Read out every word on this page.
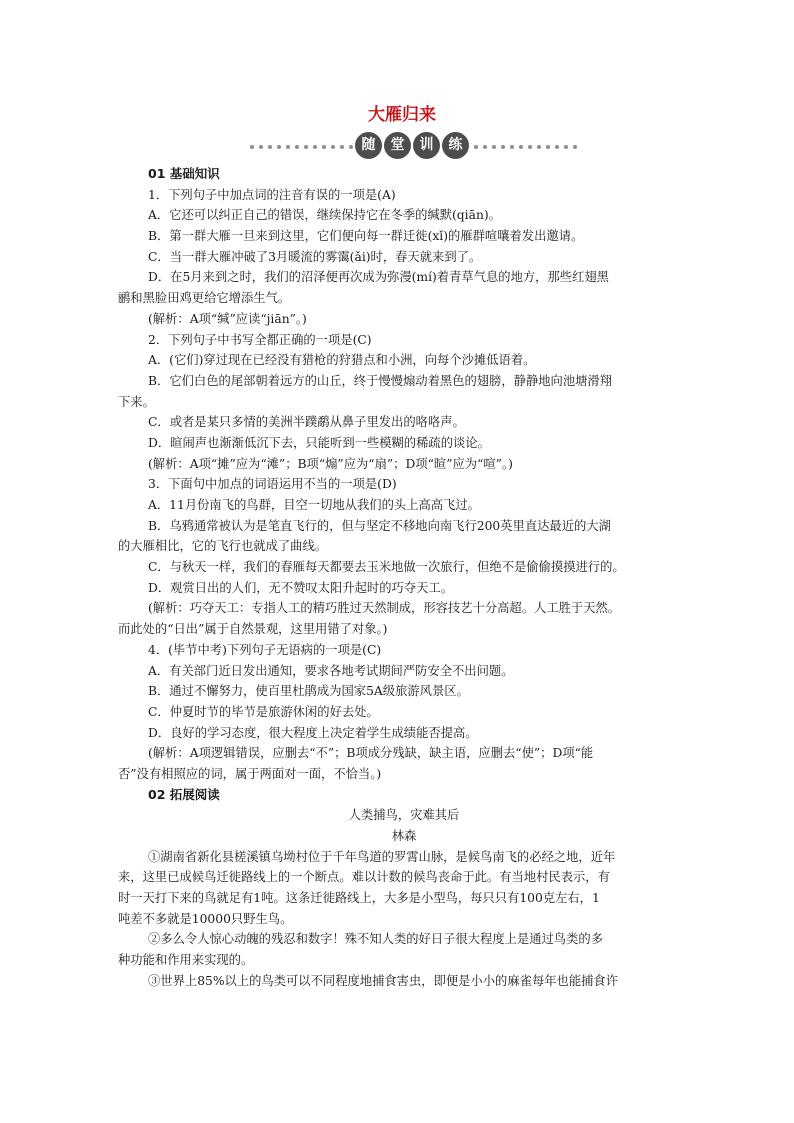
大雁归来
随	堂	训	练
01 基础知识
1．下列句子中加点词的注音有误的一项是(A)
A．它还可以纠正自己的错误，继续保持它在冬季的缄默(qiān)。
B．第一群大雁一旦来到这里，它们便向每一群迁徙(xǐ)的雁群喧嚷着发出邀请。
C．当一群大雁冲破了3月暖流的雾霭(ǎi)时，春天就来到了。
D．在5月来到之时，我们的沼泽便再次成为弥漫(mí)着青草气息的地方，那些红翅黑
鹂和黑脸田鸡更给它增添生气。
(解析：A项“缄”应读“jiān”。)
2．下列句子中书写全都正确的一项是(C)
A．(它们)穿过现在已经没有猎枪的狩猎点和小洲，向每个沙摊低语着。
B．它们白色的尾部朝着远方的山丘，终于慢慢煽动着黑色的翅膀，静静地向池塘滑翔
下来。
C．或者是某只多情的美洲半蹼鹬从鼻子里发出的咯咯声。
D．暄闹声也渐渐低沉下去，只能听到一些模糊的稀疏的谈论。
(解析：A项“摊”应为“滩”；B项“煽”应为“扇”；D项“暄”应为“喧”。)
3．下面句中加点的词语运用不当的一项是(D)
A．11月份南飞的鸟群，目空一切地从我们的头上高高飞过。
B．乌鸦通常被认为是笔直飞行的，但与坚定不移地向南飞行200英里直达最近的大湖
的大雁相比，它的飞行也就成了曲线。
C．与秋天一样，我们的春雁每天都要去玉米地做一次旅行，但绝不是偷偷摸摸进行的。
D．观赏日出的人们，无不赞叹太阳升起时的巧夺天工。
(解析：巧夺天工：专指人工的精巧胜过天然制成，形容技艺十分高超。人工胜于天然。
而此处的“日出”属于自然景观，这里用错了对象。)
4．(毕节中考)下列句子无语病的一项是(C)
A．有关部门近日发出通知，要求各地考试期间严防安全不出问题。
B．通过不懈努力，使百里杜鹃成为国家5A级旅游风景区。
C．仲夏时节的毕节是旅游休闲的好去处。
D．良好的学习态度，很大程度上决定着学生成绩能否提高。
(解析：A项逻辑错误，应删去“不”；B项成分残缺，缺主语，应删去“使”；D项“能
否”没有相照应的词，属于两面对一面，不恰当。)
02 拓展阅读
人类捕鸟，灾难其后
林森
①湖南省新化县槎溪镇乌坳村位于千年鸟道的罗霄山脉，是候鸟南飞的必经之地，近年
来，这里已成候鸟迁徙路线上的一个断点。难以计数的候鸟丧命于此。有当地村民表示，有
时一天打下来的鸟就足有1吨。这条迁徙路线上，大多是小型鸟，每只只有100克左右，1
吨差不多就是10000只野生鸟。
②多么令人惊心动魄的残忍和数字！殊不知人类的好日子很大程度上是通过鸟类的多
种功能和作用来实现的。
③世界上85%以上的鸟类可以不同程度地捕食害虫，即便是小小的麻雀每年也能捕食许
